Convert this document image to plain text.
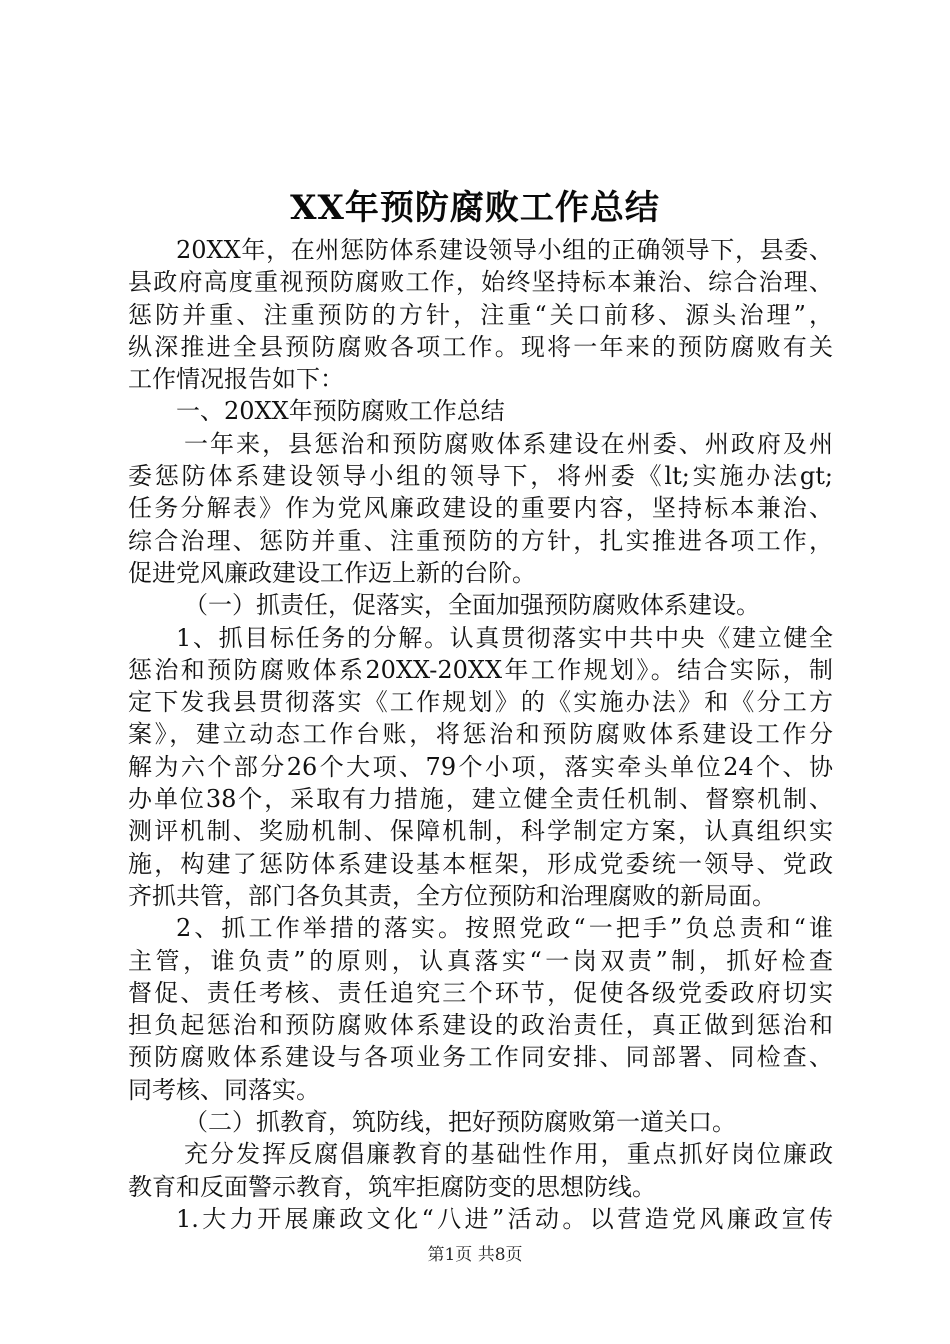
XX年预防腐败工作总结
20XX年，在州惩防体系建设领导小组的正确领导下，县委、
县政府高度重视预防腐败工作，始终坚持标本兼治、综合治理、
惩防并重、注重预防的方针，注重“关口前移、源头治理”，
纵深推进全县预防腐败各项工作。现将一年来的预防腐败有关
工作情况报告如下：
一、20XX年预防腐败工作总结
一年来，县惩治和预防腐败体系建设在州委、州政府及州
委惩防体系建设领导小组的领导下，将州委《lt;实施办法gt;
任务分解表》作为党风廉政建设的重要内容，坚持标本兼治、
综合治理、惩防并重、注重预防的方针，扎实推进各项工作，
促进党风廉政建设工作迈上新的台阶。
（一）抓责任，促落实，全面加强预防腐败体系建设。
1、抓目标任务的分解。认真贯彻落实中共中央《建立健全
惩治和预防腐败体系20XX-20XX年工作规划》。结合实际，制
定下发我县贯彻落实《工作规划》的《实施办法》和《分工方
案》，建立动态工作台账，将惩治和预防腐败体系建设工作分
解为六个部分26个大项、79个小项，落实牵头单位24个、协
办单位38个，采取有力措施，建立健全责任机制、督察机制、
测评机制、奖励机制、保障机制，科学制定方案，认真组织实
施，构建了惩防体系建设基本框架，形成党委统一领导、党政
齐抓共管，部门各负其责，全方位预防和治理腐败的新局面。
2、抓工作举措的落实。按照党政“一把手”负总责和“谁
主管，谁负责”的原则，认真落实“一岗双责”制，抓好检查
督促、责任考核、责任追究三个环节，促使各级党委政府切实
担负起惩治和预防腐败体系建设的政治责任，真正做到惩治和
预防腐败体系建设与各项业务工作同安排、同部署、同检查、
同考核、同落实。
（二）抓教育，筑防线，把好预防腐败第一道关口。
充分发挥反腐倡廉教育的基础性作用，重点抓好岗位廉政
教育和反面警示教育，筑牢拒腐防变的思想防线。
1.大力开展廉政文化“八进”活动。以营造党风廉政宣传
第1页 共8页
